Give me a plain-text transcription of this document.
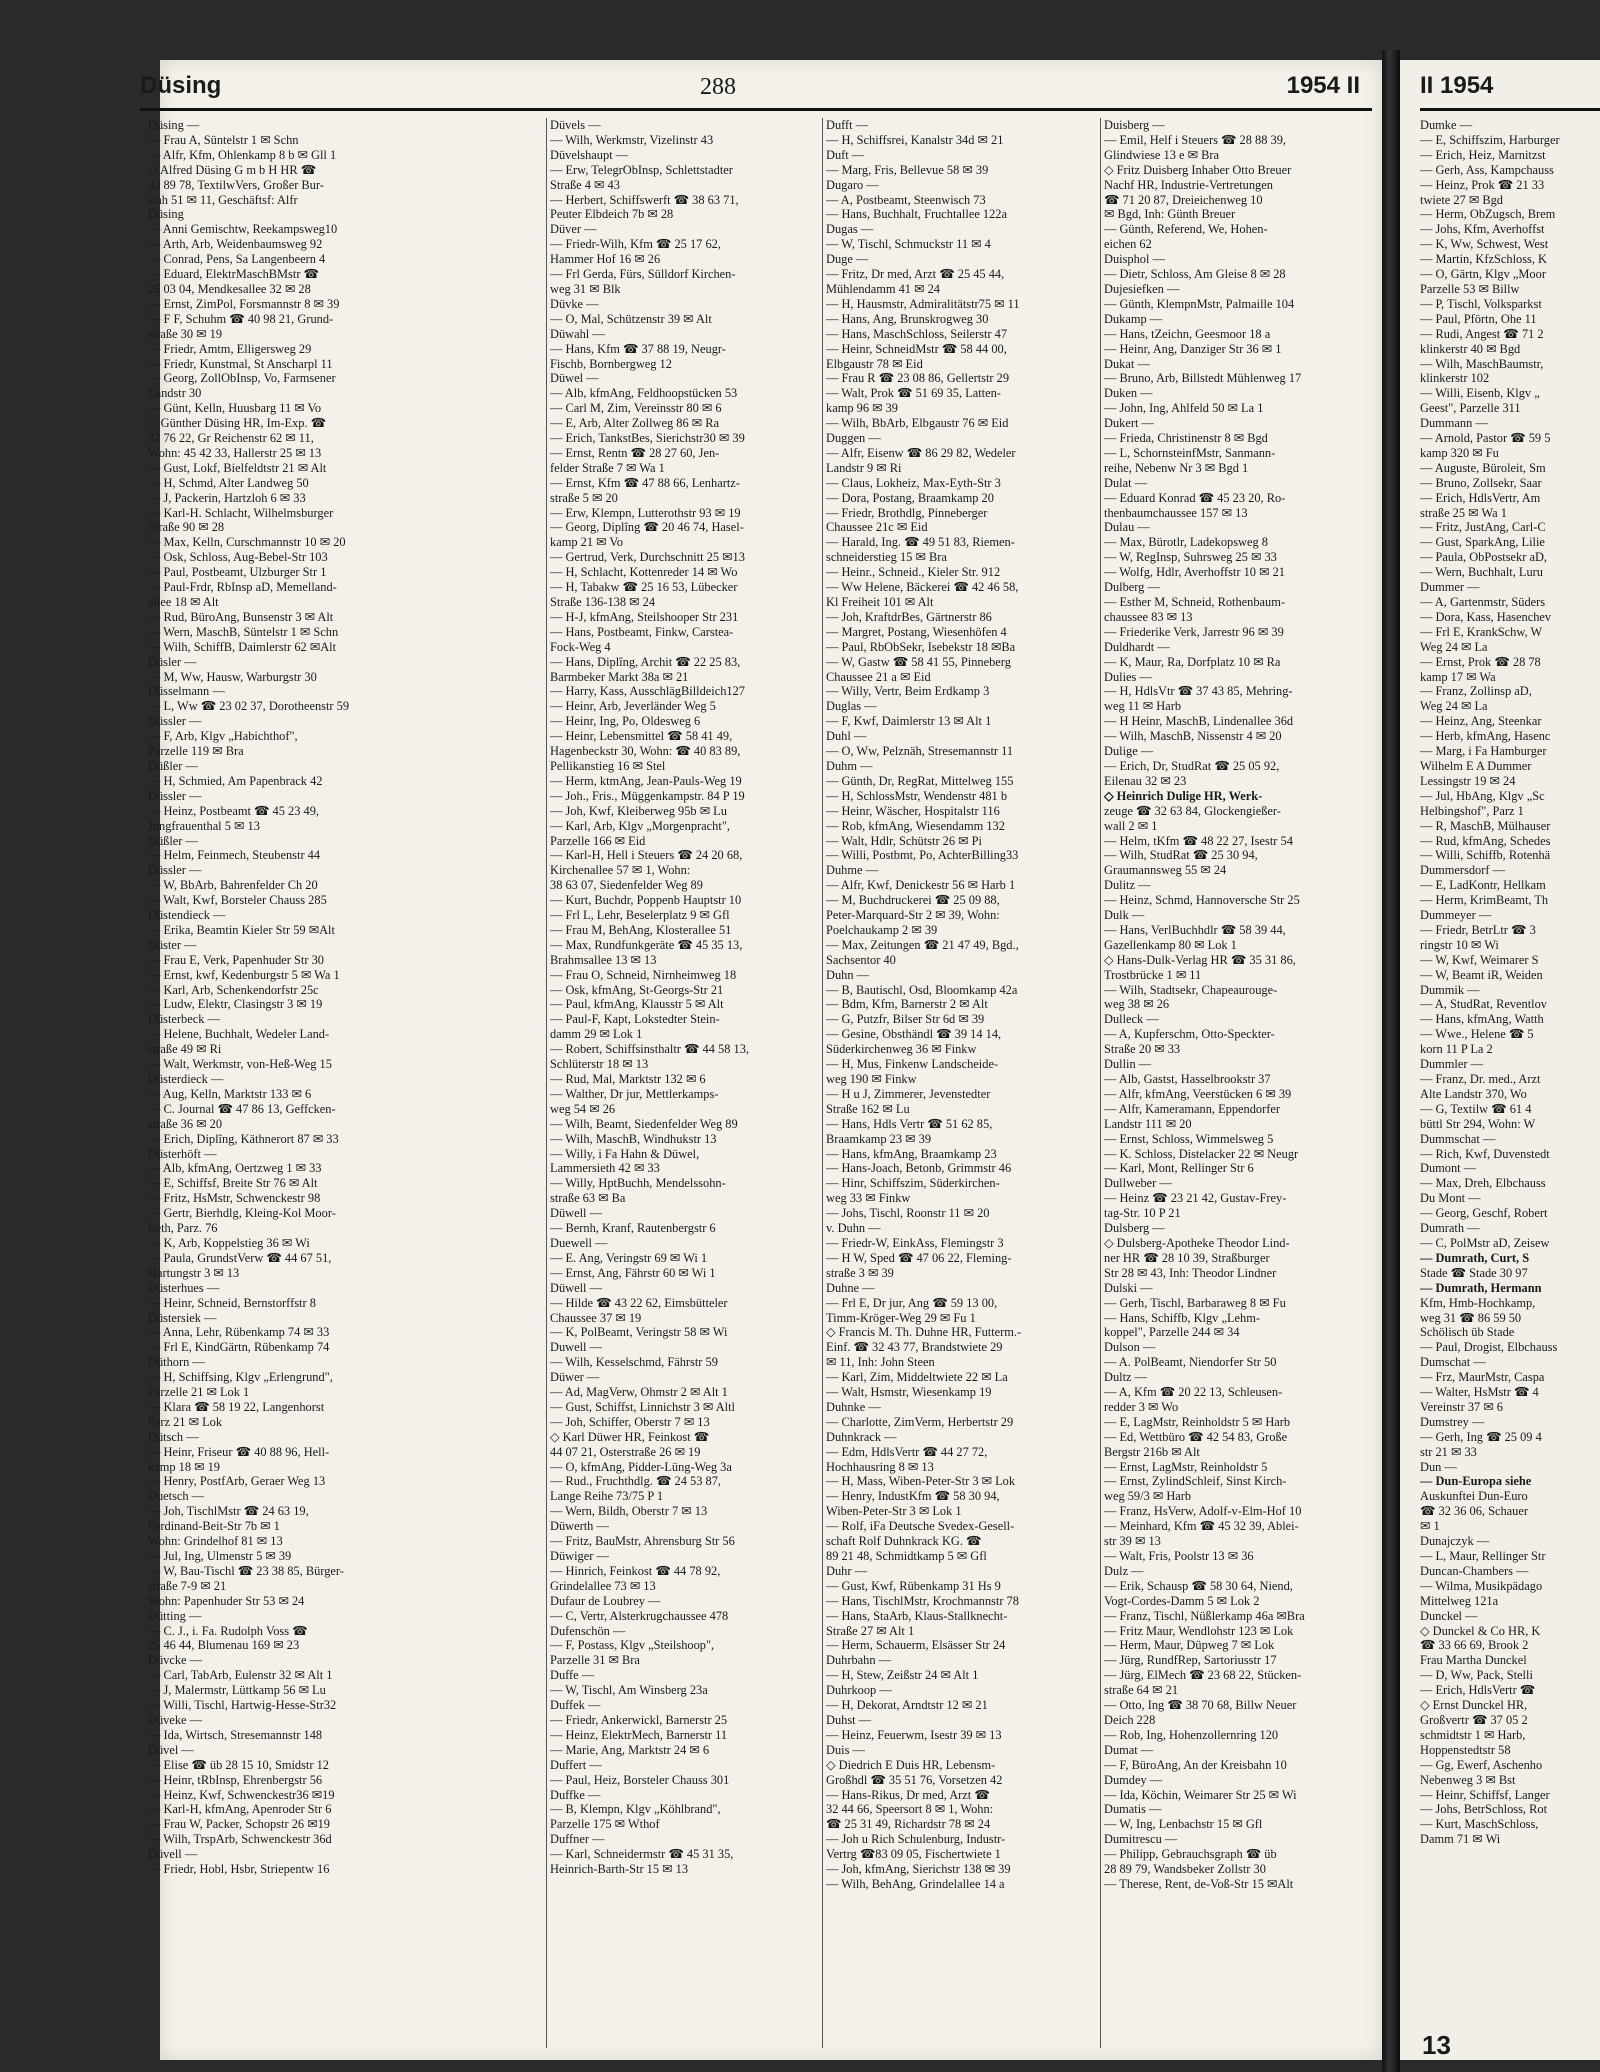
Düsing	288	1954 II	II 1954
Düsing —
— Frau A, Süntelstr 1 ✉ Schn
— Alfr, Kfm, Ohlenkamp 8 b ✉ Gll 1
◇ Alfred Düsing G m b H HR ☎
33 89 78, TextilwVers, Großer Bur-
stah 51 ✉ 11, Geschäftsf: Alfr
Düsing
— Anni Gemischtw, Reekampsweg10
— Arth, Arb, Weidenbaumsweg 92
— Conrad, Pens, Sa Langenbeern 4
— Eduard, ElektrMaschBMstr ☎
25 03 04, Mendkesallee 32 ✉ 28
— Ernst, ZimPol, Forsmannstr 8 ✉ 39
— F F, Schuhm ☎ 40 98 21, Grund-
straße 30 ✉ 19
— Friedr, Amtm, Elligersweg 29
— Friedr, Kunstmal, St Anscharpl 11
— Georg, ZollObInsp, Vo, Farmsener
Landstr 30
— Günt, Kelln, Huusbarg 11 ✉ Vo
◇ Günther Düsing HR, Im-Exp. ☎
32 76 22, Gr Reichenstr 62 ✉ 11,
Wohn: 45 42 33, Hallerstr 25 ✉ 13
— Gust, Lokf, Bielfeldtstr 21 ✉ Alt
— H, Schmd, Alter Landweg 50
— J, Packerin, Hartzloh 6 ✉ 33
— Karl-H. Schlacht, Wilhelmsburger
Straße 90 ✉ 28
— Max, Kelln, Curschmannstr 10 ✉ 20
— Osk, Schloss, Aug-Bebel-Str 103
— Paul, Postbeamt, Ulzburger Str 1
— Paul-Frdr, RbInsp aD, Memelland-
allee 18 ✉ Alt
— Rud, BüroAng, Bunsenstr 3 ✉ Alt
— Wern, MaschB, Süntelstr 1 ✉ Schn
— Wilh, SchiffB, Daimlerstr 62 ✉Alt
Düsler —
— M, Ww, Hausw, Warburgstr 30
Düsselmann —
— L, Ww ☎ 23 02 37, Dorotheenstr 59
Düssler —
— F, Arb, Klgv „Habichthof",
Parzelle 119 ✉ Bra
Düßler —
— H, Schmied, Am Papenbrack 42
Düssler —
— Heinz, Postbeamt ☎ 45 23 49,
Jungfrauenthal 5 ✉ 13
Düßler —
— Helm, Feinmech, Steubenstr 44
Düssler —
— W, BbArb, Bahrenfelder Ch 20
— Walt, Kwf, Borsteler Chauss 285
Düstendieck —
— Erika, Beamtin Kieler Str 59 ✉Alt
Düster —
— Frau E, Verk, Papenhuder Str 30
— Ernst, kwf, Kedenburgstr 5 ✉ Wa 1
— Karl, Arb, Schenkendorfstr 25c
— Ludw, Elektr, Clasingstr 3 ✉ 19
Düsterbeck —
— Helene, Buchhalt, Wedeler Land-
straße 49 ✉ Ri
— Walt, Werkmstr, von-Heß-Weg 15
Düsterdieck —
— Aug, Kelln, Marktstr 133 ✉ 6
— C. Journal ☎ 47 86 13, Geffcken-
straße 36 ✉ 20
— Erich, Diplîng, Käthnerort 87 ✉ 33
Düsterhöft —
— Alb, kfmAng, Oertzweg 1 ✉ 33
— E, Schiffsf, Breite Str 76 ✉ Alt
— Fritz, HsMstr, Schwenckestr 98
— Gertr, Bierhdlg, Kleing-Kol Moor-
fleth, Parz. 76
— K, Arb, Koppelstieg 36 ✉ Wi
— Paula, GrundstVerw ☎ 44 67 51,
Hartungstr 3 ✉ 13
Düsterhues —
— Heinr, Schneid, Bernstorffstr 8
Düstersiek —
— Anna, Lehr, Rübenkamp 74 ✉ 33
— Frl E, KindGärtn, Rübenkamp 74
Düthorn —
— H, Schiffsing, Klgv „Erlengrund",
Parzelle 21 ✉ Lok 1
— Klara ☎ 58 19 22, Langenhorst
Parz 21 ✉ Lok
Dütsch —
— Heinr, Friseur ☎ 40 88 96, Hell-
kamp 18 ✉ 19
— Henry, PostfArb, Geraer Weg 13
Duetsch —
— Joh, TischlMstr ☎ 24 63 19,
Ferdinand-Beit-Str 7b ✉ 1
Wohn: Grindelhof 81 ✉ 13
— Jul, Ing, Ulmenstr 5 ✉ 39
— W, Bau-Tischl ☎ 23 38 85, Bürger-
straße 7-9 ✉ 21
Wohn: Papenhuder Str 53 ✉ 24
Dütting —
— C. J., i. Fa. Rudolph Voss ☎
25 46 44, Blumenau 169 ✉ 23
Düvcke —
— Carl, TabArb, Eulenstr 32 ✉ Alt 1
— J, Malermstr, Lüttkamp 56 ✉ Lu
— Willi, Tischl, Hartwig-Hesse-Str32
Düveke —
— Ida, Wirtsch, Stresemannstr 148
Düvel —
— Elise ☎ üb 28 15 10, Smidstr 12
— Heinr, tRbInsp, Ehrenbergstr 56
— Heinz, Kwf, Schwenckestr36 ✉19
— Karl-H, kfmAng, Apenroder Str 6
— Frau W, Packer, Schopstr 26 ✉19
— Wilh, TrspArb, Schwenckestr 36d
Düvell —
— Friedr, Hobl, Hsbr, Striepentw 16
Düvels —
— Wilh, Werkmstr, Vizelinstr 43
Düvelshaupt —
— Erw, TelegrObInsp, Schlettstadter
Straße 4 ✉ 43
— Herbert, Schiffswerft ☎ 38 63 71,
Peuter Elbdeich 7b ✉ 28
Düver —
— Friedr-Wilh, Kfm ☎ 25 17 62,
Hammer Hof 16 ✉ 26
— Frl Gerda, Fürs, Sülldorf Kirchen-
weg 31 ✉ Blk
Düvke —
— O, Mal, Schützenstr 39 ✉ Alt
Düwahl —
— Hans, Kfm ☎ 37 88 19, Neugr-
Fischb, Bornbergweg 12
Düwel —
— Alb, kfmAng, Feldhoopstücken 53
— Carl M, Zim, Vereinsstr 80 ✉ 6
— E, Arb, Alter Zollweg 86 ✉ Ra
— Erich, TankstBes, Sierichstr30 ✉ 39
— Ernst, Rentn ☎ 28 27 60, Jen-
felder Straße 7 ✉ Wa 1
— Ernst, Kfm ☎ 47 88 66, Lenhartz-
straße 5 ✉ 20
— Erw, Klempn, Lutterothstr 93 ✉ 19
— Georg, Diplîng ☎ 20 46 74, Hasel-
kamp 21 ✉ Vo
— Gertrud, Verk, Durchschnitt 25 ✉13
— H, Schlacht, Kottenreder 14 ✉ Wo
— H, Tabakw ☎ 25 16 53, Lübecker
Straße 136-138 ✉ 24
— H-J, kfmAng, Steilshooper Str 231
— Hans, Postbeamt, Finkw, Carstea-
Fock-Weg 4
— Hans, Diplîng, Archit ☎ 22 25 83,
Barmbeker Markt 38a ✉ 21
— Harry, Kass, AusschlägBilldeich127
— Heinr, Arb, Jeverländer Weg 5
— Heinr, Ing, Po, Oldesweg 6
— Heinr, Lebensmittel ☎ 58 41 49,
Hagenbeckstr 30, Wohn: ☎ 40 83 89,
Pellikanstieg 16 ✉ Stel
— Herm, ktmAng, Jean-Pauls-Weg 19
— Joh., Fris., Müggenkampstr. 84 P 19
— Joh, Kwf, Kleiberweg 95b ✉ Lu
— Karl, Arb, Klgv „Morgenpracht",
Parzelle 166 ✉ Eid
— Karl-H, Hell i Steuers ☎ 24 20 68,
Kirchenallee 57 ✉ 1, Wohn:
38 63 07, Siedenfelder Weg 89
— Kurt, Buchdr, Poppenb Hauptstr 10
— Frl L, Lehr, Beselerplatz 9 ✉ Gfl
— Frau M, BehAng, Klosterallee 51
— Max, Rundfunkgeräte ☎ 45 35 13,
Brahmsallee 13 ✉ 13
— Frau O, Schneid, Nirnheimweg 18
— Osk, kfmAng, St-Georgs-Str 21
— Paul, kfmAng, Klausstr 5 ✉ Alt
— Paul-F, Kapt, Lokstedter Stein-
damm 29 ✉ Lok 1
— Robert, Schiffsinsthaltr ☎ 44 58 13,
Schlüterstr 18 ✉ 13
— Rud, Mal, Marktstr 132 ✉ 6
— Walther, Dr jur, Mettlerkamps-
weg 54 ✉ 26
— Wilh, Beamt, Siedenfelder Weg 89
— Wilh, MaschB, Windhukstr 13
— Willy, i Fa Hahn & Düwel,
Lammersieth 42 ✉ 33
— Willy, HptBuchh, Mendelssohn-
straße 63 ✉ Ba
Düwell —
— Bernh, Kranf, Rautenbergstr 6
Duewell —
— E. Ang, Veringstr 69 ✉ Wi 1
— Ernst, Ang, Fährstr 60 ✉ Wi 1
Düwell —
— Hilde ☎ 43 22 62, Eimsbütteler
Chaussee 37 ✉ 19
— K, PolBeamt, Veringstr 58 ✉ Wi
Duwell —
— Wilh, Kesselschmd, Fährstr 59
Düwer —
— Ad, MagVerw, Ohmstr 2 ✉ Alt 1
— Gust, Schiffst, Linnichstr 3 ✉ Altl
— Joh, Schiffer, Oberstr 7 ✉ 13
◇ Karl Düwer HR, Feinkost ☎
44 07 21, Osterstraße 26 ✉ 19
— O, kfmAng, Pidder-Lüng-Weg 3a
— Rud., Fruchthdlg. ☎ 24 53 87,
Lange Reihe 73/75 P 1
— Wern, Bildh, Oberstr 7 ✉ 13
Düwerth —
— Fritz, BauMstr, Ahrensburg Str 56
Düwiger —
— Hinrich, Feinkost ☎ 44 78 92,
Grindelallee 73 ✉ 13
Dufaur de Loubrey —
— C, Vertr, Alsterkrugchaussee 478
Dufenschön —
— F, Postass, Klgv „Steilshoop",
Parzelle 31 ✉ Bra
Duffe —
— W, Tischl, Am Winsberg 23a
Duffek —
— Friedr, Ankerwickl, Barnerstr 25
— Heinz, ElektrMech, Barnerstr 11
— Marie, Ang, Marktstr 24 ✉ 6
Duffert —
— Paul, Heiz, Borsteler Chauss 301
Duffke —
— B, Klempn, Klgv „Köhlbrand",
Parzelle 175 ✉ Wthof
Duffner —
— Karl, Schneidermstr ☎ 45 31 35,
Heinrich-Barth-Str 15 ✉ 13
Dufft —
— H, Schiffsrei, Kanalstr 34d ✉ 21
Duft —
— Marg, Fris, Bellevue 58 ✉ 39
Dugaro —
— A, Postbeamt, Steenwisch 73
— Hans, Buchhalt, Fruchtallee 122a
Dugas —
— W, Tischl, Schmuckstr 11 ✉ 4
Duge —
— Fritz, Dr med, Arzt ☎ 25 45 44,
Mühlendamm 41 ✉ 24
— H, Hausmstr, Admiralitätstr75 ✉ 11
— Hans, Ang, Brunskrogweg 30
— Hans, MaschSchloss, Seilerstr 47
— Heinr, SchneidMstr ☎ 58 44 00,
Elbgaustr 78 ✉ Eid
— Frau R ☎ 23 08 86, Gellertstr 29
— Walt, Prok ☎ 51 69 35, Latten-
kamp 96 ✉ 39
— Wilh, BbArb, Elbgaustr 76 ✉ Eid
Duggen —
— Alfr, Eisenw ☎ 86 29 82, Wedeler
Landstr 9 ✉ Ri
— Claus, Lokheiz, Max-Eyth-Str 3
— Dora, Postang, Braamkamp 20
— Friedr, Brothdlg, Pinneberger
Chaussee 21c ✉ Eid
— Harald, Ing. ☎ 49 51 83, Riemen-
schneiderstieg 15 ✉ Bra
— Heinr., Schneid., Kieler Str. 912
— Ww Helene, Bäckerei ☎ 42 46 58,
Kl Freiheit 101 ✉ Alt
— Joh, KraftdrBes, Gärtnerstr 86
— Margret, Postang, Wiesenhöfen 4
— Paul, RbObSekr, Isebekstr 18 ✉Ba
— W, Gastw ☎ 58 41 55, Pinneberg
Chaussee 21 a ✉ Eid
— Willy, Vertr, Beim Erdkamp 3
Duglas —
— F, Kwf, Daimlerstr 13 ✉ Alt 1
Duhl —
— O, Ww, Pelznäh, Stresemannstr 11
Duhm —
— Günth, Dr, RegRat, Mittelweg 155
— H, SchlossMstr, Wendenstr 481 b
— Heinr, Wäscher, Hospitalstr 116
— Rob, kfmAng, Wiesendamm 132
— Walt, Hdlr, Schütstr 26 ✉ Pi
— Willi, Postbmt, Po, AchterBilling33
Duhme —
— Alfr, Kwf, Denickestr 56 ✉ Harb 1
— M, Buchdruckerei ☎ 25 09 88,
Peter-Marquard-Str 2 ✉ 39, Wohn:
Poelchaukamp 2 ✉ 39
— Max, Zeitungen ☎ 21 47 49, Bgd.,
Sachsentor 40
Duhn —
— B, Bautischl, Osd, Bloomkamp 42a
— Bdm, Kfm, Barnerstr 2 ✉ Alt
— G, Putzfr, Bilser Str 6d ✉ 39
— Gesine, Obsthändl ☎ 39 14 14,
Süderkirchenweg 36 ✉ Finkw
— H, Mus, Finkenw Landscheide-
weg 190 ✉ Finkw
— H u J, Zimmerer, Jevenstedter
Straße 162 ✉ Lu
— Hans, Hdls Vertr ☎ 51 62 85,
Braamkamp 23 ✉ 39
— Hans, kfmAng, Braamkamp 23
— Hans-Joach, Betonb, Grimmstr 46
— Hinr, Schiffszim, Süderkirchen-
weg 33 ✉ Finkw
— Johs, Tischl, Roonstr 11 ✉ 20
v. Duhn —
— Friedr-W, EinkAss, Flemingstr 3
— H W, Sped ☎ 47 06 22, Fleming-
straße 3 ✉ 39
Duhne —
— Frl E, Dr jur, Ang ☎ 59 13 00,
Timm-Kröger-Weg 29 ✉ Fu 1
◇ Francis M. Th. Duhne HR, Futterm.-
Einf. ☎ 32 43 77, Brandstwiete 29
✉ 11, Inh: John Steen
— Karl, Zim, Middeltwiete 22 ✉ La
— Walt, Hsmstr, Wiesenkamp 19
Duhnke —
— Charlotte, ZimVerm, Herbertstr 29
Duhnkrack —
— Edm, HdlsVertr ☎ 44 27 72,
Hochhausring 8 ✉ 13
— H, Mass, Wiben-Peter-Str 3 ✉ Lok
— Henry, IndustKfm ☎ 58 30 94,
Wiben-Peter-Str 3 ✉ Lok 1
— Rolf, iFa Deutsche Svedex-Gesell-
schaft Rolf Duhnkrack KG. ☎
89 21 48, Schmidtkamp 5 ✉ Gfl
Duhr —
— Gust, Kwf, Rübenkamp 31 Hs 9
— Hans, TischlMstr, Krochmannstr 78
— Hans, StaArb, Klaus-Stallknecht-
Straße 27 ✉ Alt 1
— Herm, Schauerm, Elsässer Str 24
Duhrbahn —
— H, Stew, Zeißstr 24 ✉ Alt 1
Duhrkoop —
— H, Dekorat, Arndtstr 12 ✉ 21
Duhst —
— Heinz, Feuerwm, Isestr 39 ✉ 13
Duis —
◇ Diedrich E Duis HR, Lebensm-
Großhdl ☎ 35 51 76, Vorsetzen 42
— Hans-Rikus, Dr med, Arzt ☎
32 44 66, Speersort 8 ✉ 1, Wohn:
☎ 25 31 49, Richardstr 78 ✉ 24
— Joh u Rich Schulenburg, Industr-
Vertrg ☎83 09 05, Fischertwiete 1
— Joh, kfmAng, Sierichstr 138 ✉ 39
— Wilh, BehAng, Grindelallee 14 a
Duisberg —
— Emil, Helf i Steuers ☎ 28 88 39,
Glindwiese 13 e ✉ Bra
◇ Fritz Duisberg Inhaber Otto Breuer
Nachf HR, Industrie-Vertretungen
☎ 71 20 87, Dreieichenweg 10
✉ Bgd, Inh: Günth Breuer
— Günth, Referend, We, Hohen-
eichen 62
Duisphol —
— Dietr, Schloss, Am Gleise 8 ✉ 28
Dujesiefken —
— Günth, KlempnMstr, Palmaille 104
Dukamp —
— Hans, tZeichn, Geesmoor 18 a
— Heinr, Ang, Danziger Str 36 ✉ 1
Dukat —
— Bruno, Arb, Billstedt Mühlenweg 17
Duken —
— John, Ing, Ahlfeld 50 ✉ La 1
Dukert —
— Frieda, Christinenstr 8 ✉ Bgd
— L, SchornsteinfMstr, Sanmann-
reihe, Nebenw Nr 3 ✉ Bgd 1
Dulat —
— Eduard Konrad ☎ 45 23 20, Ro-
thenbaumchaussee 157 ✉ 13
Dulau —
— Max, Bürotlr, Ladekopsweg 8
— W, RegInsp, Suhrsweg 25 ✉ 33
— Wolfg, Hdlr, Averhoffstr 10 ✉ 21
Dulberg —
— Esther M, Schneid, Rothenbaum-
chaussee 83 ✉ 13
— Friederike Verk, Jarrestr 96 ✉ 39
Duldhardt —
— K, Maur, Ra, Dorfplatz 10 ✉ Ra
Dulies —
— H, HdlsVtr ☎ 37 43 85, Mehring-
weg 11 ✉ Harb
— H Heinr, MaschB, Lindenallee 36d
— Wilh, MaschB, Nissenstr 4 ✉ 20
Dulige —
— Erich, Dr, StudRat ☎ 25 05 92,
Eilenau 32 ✉ 23
◇ Heinrich Dulige HR, Werk-
zeuge ☎ 32 63 84, Glockengießer-
wall 2 ✉ 1
— Helm, tKfm ☎ 48 22 27, Isestr 54
— Wilh, StudRat ☎ 25 30 94,
Graumannsweg 55 ✉ 24
Dulitz —
— Heinz, Schmd, Hannoversche Str 25
Dulk —
— Hans, VerlBuchhdlr ☎ 58 39 44,
Gazellenkamp 80 ✉ Lok 1
◇ Hans-Dulk-Verlag HR ☎ 35 31 86,
Trostbrücke 1 ✉ 11
— Wilh, Stadtsekr, Chapeaurouge-
weg 38 ✉ 26
Dulleck —
— A, Kupferschm, Otto-Speckter-
Straße 20 ✉ 33
Dullin —
— Alb, Gastst, Hasselbrookstr 37
— Alfr, kfmAng, Veerstücken 6 ✉ 39
— Alfr, Kameramann, Eppendorfer
Landstr 111 ✉ 20
— Ernst, Schloss, Wimmelsweg 5
— K. Schloss, Distelacker 22 ✉ Neugr
— Karl, Mont, Rellinger Str 6
Dullweber —
— Heinz ☎ 23 21 42, Gustav-Frey-
tag-Str. 10 P 21
Dulsberg —
◇ Dulsberg-Apotheke Theodor Lind-
ner HR ☎ 28 10 39, Straßburger
Str 28 ✉ 43, Inh: Theodor Lindner
Dulski —
— Gerh, Tischl, Barbaraweg 8 ✉ Fu
— Hans, Schiffb, Klgv „Lehm-
koppel", Parzelle 244 ✉ 34
Dulson —
— A. PolBeamt, Niendorfer Str 50
Dultz —
— A, Kfm ☎ 20 22 13, Schleusen-
redder 3 ✉ Wo
— E, LagMstr, Reinholdstr 5 ✉ Harb
— Ed, Wettbüro ☎ 42 54 83, Große
Bergstr 216b ✉ Alt
— Ernst, LagMstr, Reinholdstr 5
— Ernst, ZylindSchleif, Sinst Kirch-
weg 59/3 ✉ Harb
— Franz, HsVerw, Adolf-v-Elm-Hof 10
— Meinhard, Kfm ☎ 45 32 39, Ablei-
str 39 ✉ 13
— Walt, Fris, Poolstr 13 ✉ 36
Dulz —
— Erik, Schausp ☎ 58 30 64, Niend,
Vogt-Cordes-Damm 5 ✉ Lok 2
— Franz, Tischl, Nüßlerkamp 46a ✉Bra
— Fritz Maur, Wendlohstr 123 ✉ Lok
— Herm, Maur, Düpweg 7 ✉ Lok
— Jürg, RundfRep, Sartoriusstr 17
— Jürg, ElMech ☎ 23 68 22, Stücken-
straße 64 ✉ 21
— Otto, Ing ☎ 38 70 68, Billw Neuer
Deich 228
— Rob, Ing, Hohenzollernring 120
Dumat —
— F, BüroAng, An der Kreisbahn 10
Dumdey —
— Ida, Köchin, Weimarer Str 25 ✉ Wi
Dumatis —
— W, Ing, Lenbachstr 15 ✉ Gfl
Dumitrescu —
— Philipp, Gebrauchsgraph ☎ üb
28 89 79, Wandsbeker Zollstr 30
— Therese, Rent, de-Voß-Str 15 ✉Alt
Dumke —
— E, Schiffszim, Harburger
— Erich, Heiz, Marnitzst
— Gerh, Ass, Kampchauss
— Heinz, Prok ☎ 21 33
twiete 27 ✉ Bgd
— Herm, ObZugsch, Brem
— Johs, Kfm, Averhoffst
— K, Ww, Schwest, West
— Martin, KfzSchloss, K
— O, Gärtn, Klgv „Moor
Parzelle 53 ✉ Billw
— P, Tischl, Volksparkst
— Paul, Pförtn, Ohe 11
— Rudi, Angest ☎ 71 2
klinkerstr 40 ✉ Bgd
— Wilh, MaschBaumstr,
klinkerstr 102
— Willi, Eisenb, Klgv „
Geest", Parzelle 311
Dummann —
— Arnold, Pastor ☎ 59 5
kamp 320 ✉ Fu
— Auguste, Büroleit, Sm
— Bruno, Zollsekr, Saar
— Erich, HdlsVertr, Am
straße 25 ✉ Wa 1
— Fritz, JustAng, Carl-C
— Gust, SparkAng, Lilie
— Paula, ObPostsekr aD,
— Wern, Buchhalt, Luru
Dummer —
— A, Gartenmstr, Süders
— Dora, Kass, Hasenchev
— Frl E, KrankSchw, W
Weg 24 ✉ La
— Ernst, Prok ☎ 28 78
kamp 17 ✉ Wa
— Franz, Zollinsp aD,
Weg 24 ✉ La
— Heinz, Ang, Steenkar
— Herb, kfmAng, Hasenc
— Marg, i Fa Hamburger
Wilhelm E A Dummer
Lessingstr 19 ✉ 24
— Jul, HbAng, Klgv „Sc
Helbingshof", Parz 1
— R, MaschB, Mülhauser
— Rud, kfmAng, Schedes
— Willi, Schiffb, Rotenhä
Dummersdorf —
— E, LadKontr, Hellkam
— Herm, KrimBeamt, Th
Dummeyer —
— Friedr, BetrLtr ☎ 3
ringstr 10 ✉ Wi
— W, Kwf, Weimarer S
— W, Beamt iR, Weiden
Dummik —
— A, StudRat, Reventlov
— Hans, kfmAng, Watth
— Wwe., Helene ☎ 5
korn 11 P La 2
Dummler —
— Franz, Dr. med., Arzt
Alte Landstr 370, Wo
— G, Textilw ☎ 61 4
büttl Str 294, Wohn: W
Dummschat —
— Rich, Kwf, Duvenstedt
Dumont —
— Max, Dreh, Elbchauss
Du Mont —
— Georg, Geschf, Robert
Dumrath —
— C, PolMstr aD, Zeisew
— Dumrath, Curt, S
Stade ☎ Stade 30 97
— Dumrath, Hermann
Kfm, Hmb-Hochkamp,
weg 31 ☎ 86 59 50
Schölisch üb Stade
— Paul, Drogist, Elbchauss
Dumschat —
— Frz, MaurMstr, Caspa
— Walter, HsMstr ☎ 4
Vereinstr 37 ✉ 6
Dumstrey —
— Gerh, Ing ☎ 25 09 4
str 21 ✉ 33
Dun —
— Dun-Europa siehe
Auskunftei Dun-Euro
☎ 32 36 06, Schauer
✉ 1
Dunajczyk —
— L, Maur, Rellinger Str
Duncan-Chambers —
— Wilma, Musikpädago
Mittelweg 121a
Dunckel —
◇ Dunckel & Co HR, K
☎ 33 66 69, Brook 2
Frau Martha Dunckel
— D, Ww, Pack, Stelli
— Erich, HdlsVertr ☎
◇ Ernst Dunckel HR,
Großvertr ☎ 37 05 2
schmidtstr 1 ✉ Harb,
Hoppenstedtstr 58
— Gg, Ewerf, Aschenho
Nebenweg 3 ✉ Bst
— Heinr, Schiffsf, Langer
— Johs, BetrSchloss, Rot
— Kurt, MaschSchloss,
Damm 71 ✉ Wi
13
